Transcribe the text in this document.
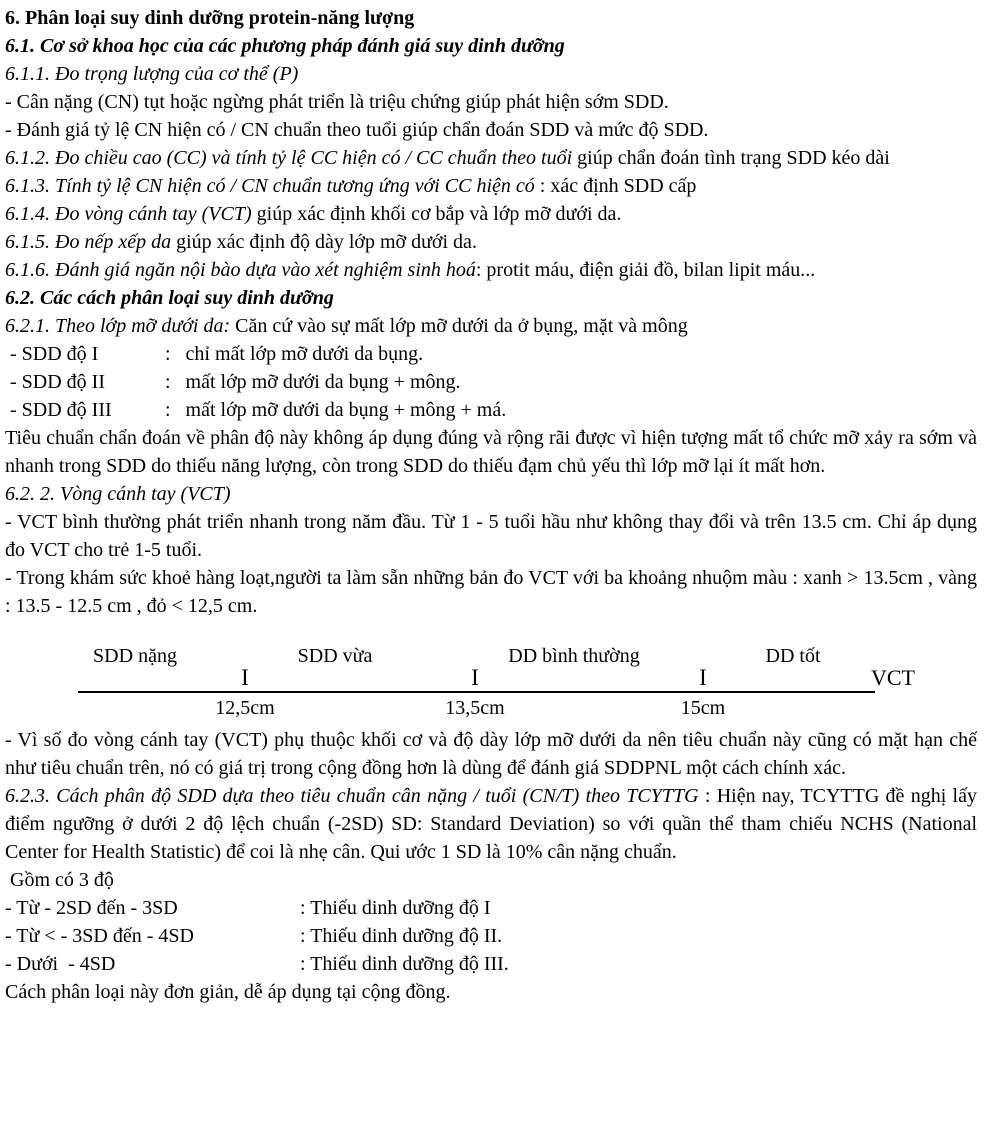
6. Phân loại suy dinh dưỡng protein-năng lượng

6.1. Cơ sở khoa học của các phương pháp đánh giá suy dinh dưỡng

6.1.1. Đo trọng lượng của cơ thể (P)

- Cân nặng (CN) tụt hoặc ngừng phát triển là triệu chứng giúp phát hiện sớm SDD.

- Đánh giá tỷ lệ CN hiện có / CN chuẩn theo tuổi giúp chẩn đoán SDD và mức độ SDD.

6.1.2. Đo chiều cao (CC) và tính tỷ lệ CC hiện có / CC chuẩn theo tuổi giúp chẩn đoán tình trạng SDD kéo dài

6.1.3. Tính tỷ lệ CN hiện có / CN chuẩn tương ứng với CC hiện có : xác định SDD cấp

6.1.4. Đo vòng cánh tay (VCT) giúp xác định khối cơ bắp và lớp mỡ dưới da.

6.1.5. Đo nếp xếp da giúp xác định độ dày lớp mỡ dưới da.

6.1.6. Đánh giá ngăn nội bào dựa vào xét nghiệm sinh hoá: protit máu, điện giải đồ, bilan lipit máu...

6.2. Các cách phân loại suy dinh dưỡng

6.2.1. Theo lớp mỡ dưới da: Căn cứ vào sự mất lớp mỡ dưới da ở bụng, mặt và mông

- SDD độ I	:   chỉ mất lớp mỡ dưới da bụng.

- SDD độ II	:   mất lớp mỡ dưới da bụng + mông.

- SDD độ III	:   mất lớp mỡ dưới da bụng + mông + má.

Tiêu chuẩn chẩn đoán về phân độ này không áp dụng đúng và rộng rãi được vì hiện tượng mất tổ chức mỡ xảy ra sớm và nhanh trong SDD do thiếu năng lượng, còn trong SDD do thiếu đạm chủ yếu thì lớp mỡ lại ít mất hơn.

6.2. 2. Vòng cánh tay (VCT)

- VCT bình thường phát triển nhanh trong năm đầu. Từ 1 - 5 tuổi hầu như không thay đổi và trên 13.5 cm. Chỉ áp dụng đo VCT cho trẻ 1-5 tuổi.

- Trong khám sức khoẻ hàng loạt,người ta làm sẵn những bản đo VCT với ba khoảng nhuộm màu : xanh > 13.5cm , vàng : 13.5 - 12.5 cm , đỏ < 12,5 cm.

SDD nặng	SDD vừa	DD bình thường	DD tốt
I	I	I	VCT
12,5cm	13,5cm	15cm

- Vì số đo vòng cánh tay (VCT) phụ thuộc khối cơ và độ dày lớp mỡ dưới da nên tiêu chuẩn này cũng có mặt hạn chế như tiêu chuẩn trên, nó có giá trị trong cộng đồng hơn là dùng để đánh giá SDDPNL một cách chính xác.

6.2.3. Cách phân độ SDD dựa theo tiêu chuẩn cân nặng / tuổi (CN/T) theo TCYTTG : Hiện nay, TCYTTG đề nghị lấy điểm ngưỡng ở dưới 2 độ lệch chuẩn (-2SD) SD: Standard Deviation) so với quần thể tham chiếu NCHS (National Center for Health Statistic) để coi là nhẹ cân. Qui ước 1 SD là 10% cân nặng chuẩn.

Gồm có 3 độ

- Từ - 2SD đến - 3SD	: Thiếu dinh dưỡng độ I

- Từ < - 3SD đến - 4SD	: Thiếu dinh dưỡng độ II.

- Dưới  - 4SD	: Thiếu dinh dưỡng độ III.

Cách phân loại này đơn giản, dễ áp dụng tại cộng đồng.
